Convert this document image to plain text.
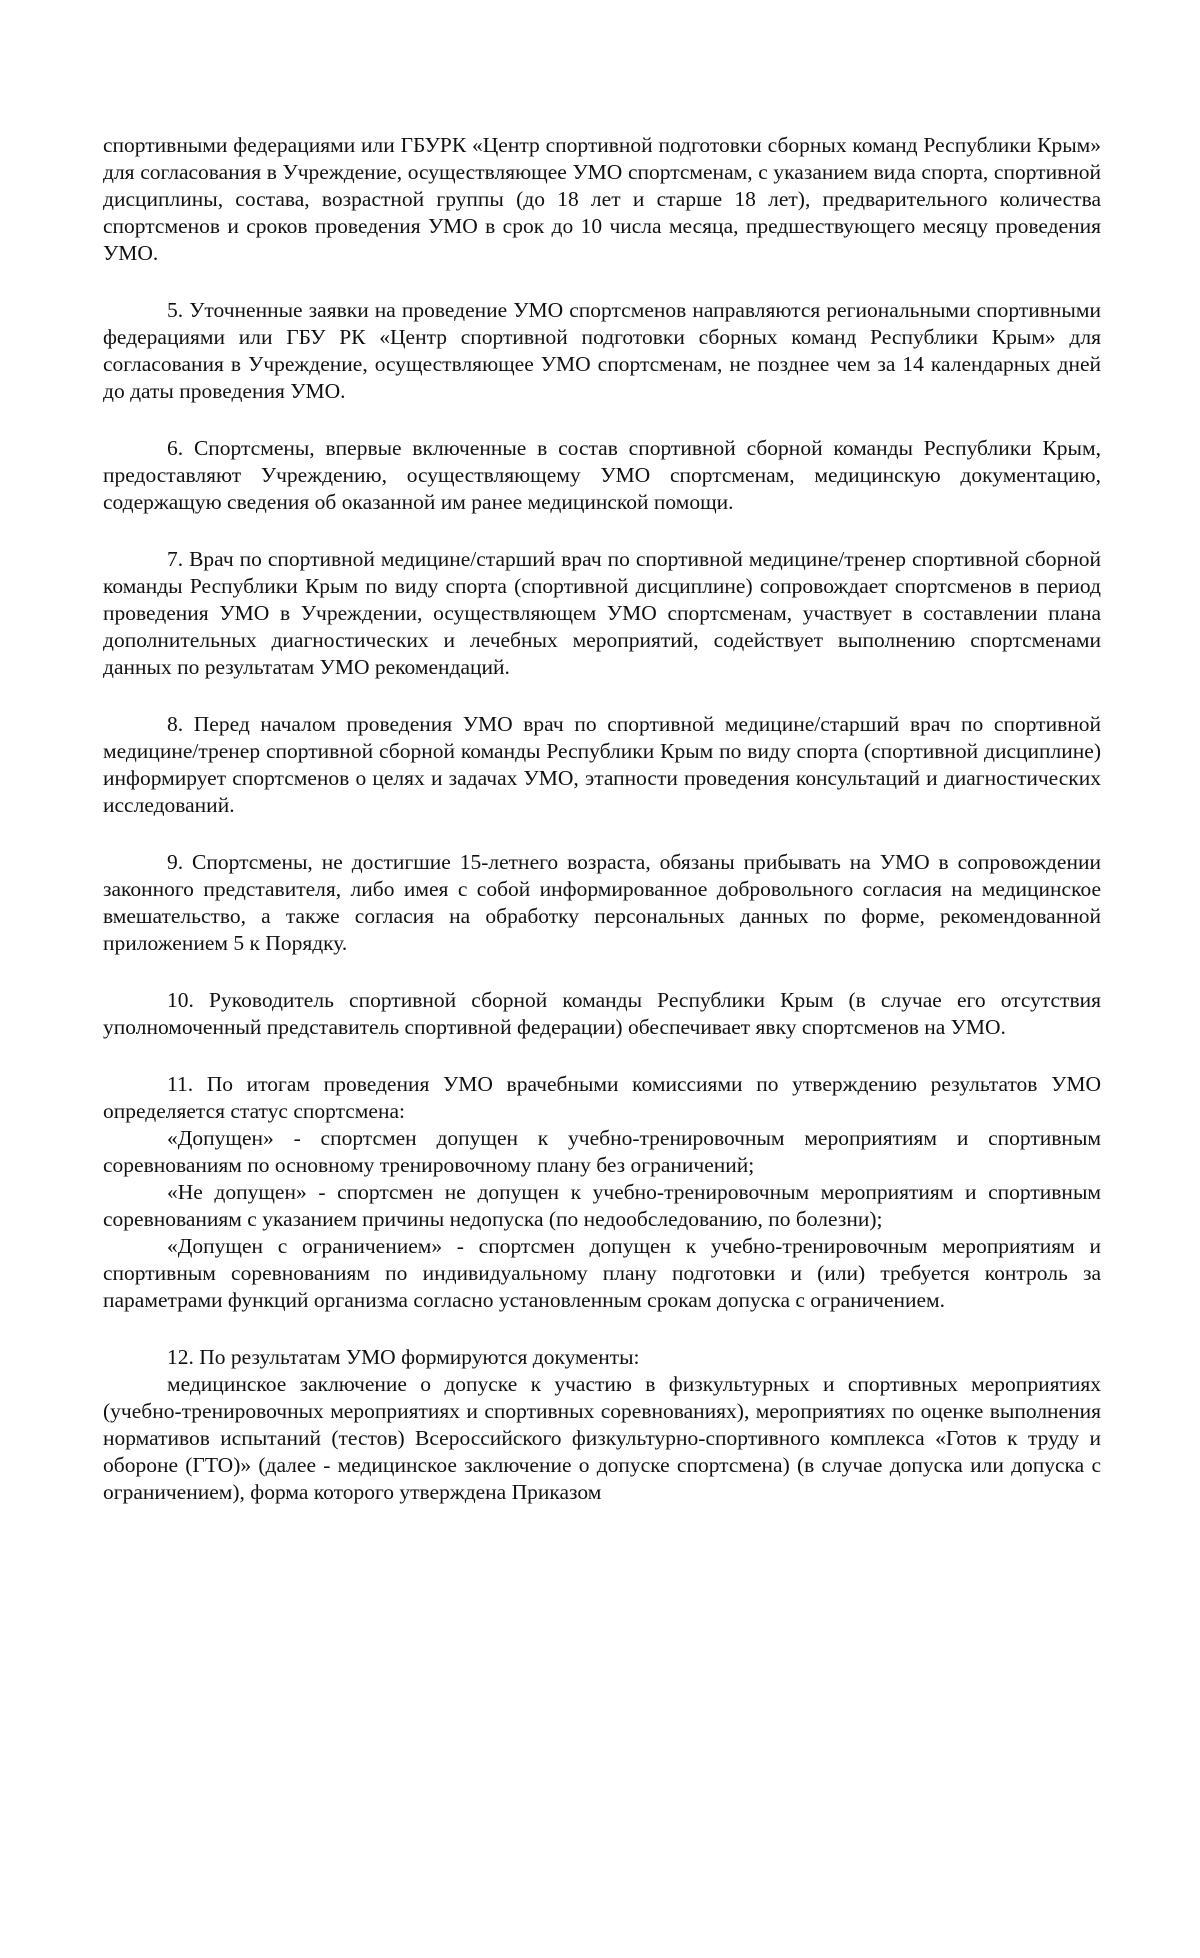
спортивными федерациями или ГБУРК «Центр спортивной подготовки сборных команд Республики Крым» для согласования в Учреждение, осуществляющее УМО спортсменам, с указанием вида спорта, спортивной дисциплины, состава, возрастной группы (до 18 лет и старше 18 лет), предварительного количества спортсменов и сроков проведения УМО в срок до 10 числа месяца, предшествующего месяцу проведения УМО.

5. Уточненные заявки на проведение УМО спортсменов направляются региональными спортивными федерациями или ГБУ РК «Центр спортивной подготовки сборных команд Республики Крым» для согласования в Учреждение, осуществляющее УМО спортсменам, не позднее чем за 14 календарных дней до даты проведения УМО.

6. Спортсмены, впервые включенные в состав спортивной сборной команды Республики Крым, предоставляют Учреждению, осуществляющему УМО спортсменам, медицинскую документацию, содержащую сведения об оказанной им ранее медицинской помощи.

7. Врач по спортивной медицине/старший врач по спортивной медицине/тренер спортивной сборной команды Республики Крым по виду спорта (спортивной дисциплине) сопровождает спортсменов в период проведения УМО в Учреждении, осуществляющем УМО спортсменам, участвует в составлении плана дополнительных диагностических и лечебных мероприятий, содействует выполнению спортсменами данных по результатам УМО рекомендаций.

8. Перед началом проведения УМО врач по спортивной медицине/старший врач по спортивной медицине/тренер спортивной сборной команды Республики Крым по виду спорта (спортивной дисциплине) информирует спортсменов о целях и задачах УМО, этапности проведения консультаций и диагностических исследований.

9. Спортсмены, не достигшие 15-летнего возраста, обязаны прибывать на УМО в сопровождении законного представителя, либо имея с собой информированное добровольного согласия на медицинское вмешательство, а также согласия на обработку персональных данных по форме, рекомендованной приложением 5 к Порядку.

10. Руководитель спортивной сборной команды Республики Крым (в случае его отсутствия уполномоченный представитель спортивной федерации) обеспечивает явку спортсменов на УМО.

11. По итогам проведения УМО врачебными комиссиями по утверждению результатов УМО определяется статус спортсмена:

«Допущен» - спортсмен допущен к учебно-тренировочным мероприятиям и спортивным соревнованиям по основному тренировочному плану без ограничений;

«Не допущен» - спортсмен не допущен к учебно-тренировочным мероприятиям и спортивным соревнованиям с указанием причины недопуска (по недообследованию, по болезни);

«Допущен с ограничением» - спортсмен допущен к учебно-тренировочным мероприятиям и спортивным соревнованиям по индивидуальному плану подготовки и (или) требуется контроль за параметрами функций организма согласно установленным срокам допуска с ограничением.

12. По результатам УМО формируются документы:

медицинское заключение о допуске к участию в физкультурных и спортивных мероприятиях (учебно-тренировочных мероприятиях и спортивных соревнованиях), мероприятиях по оценке выполнения нормативов испытаний (тестов) Всероссийского физкультурно-спортивного комплекса «Готов к труду и обороне (ГТО)» (далее - медицинское заключение о допуске спортсмена) (в случае допуска или допуска с ограничением), форма которого утверждена Приказом
